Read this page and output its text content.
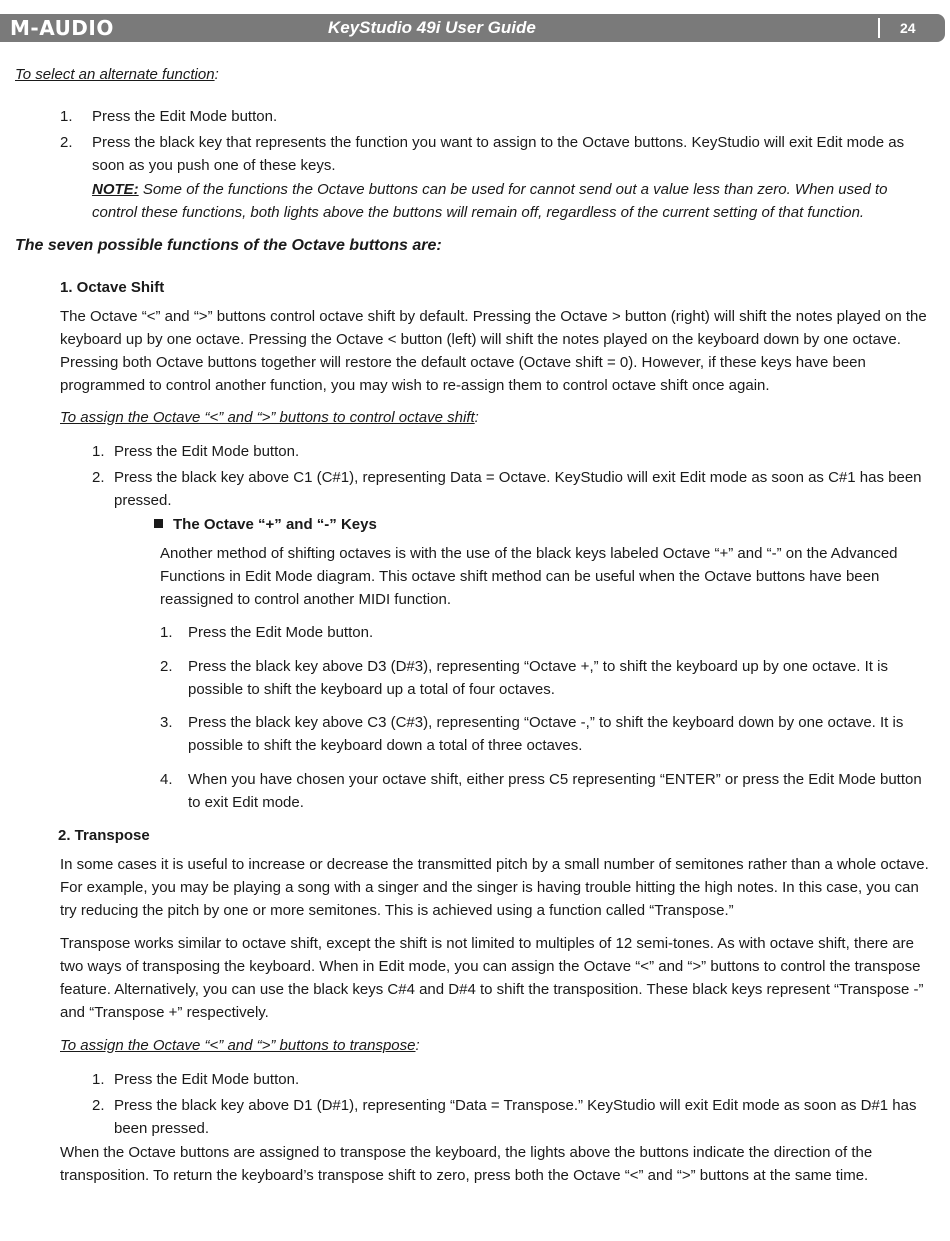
M-AUDIO	KeyStudio 49i User Guide	24
To select an alternate function:
1. Press the Edit Mode button.
2. Press the black key that represents the function you want to assign to the Octave buttons. KeyStudio will exit Edit mode as soon as you push one of these keys.
NOTE: Some of the functions the Octave buttons can be used for cannot send out a value less than zero. When used to control these functions, both lights above the buttons will remain off, regardless of the current setting of that function.
The seven possible functions of the Octave buttons are:
1. Octave Shift
The Octave “<” and “>” buttons control octave shift by default. Pressing the Octave > button (right) will shift the notes played on the keyboard up by one octave. Pressing the Octave < button (left) will shift the notes played on the keyboard down by one octave. Pressing both Octave buttons together will restore the default octave (Octave shift = 0). However, if these keys have been programmed to control another function, you may wish to re-assign them to control octave shift once again.
To assign the Octave “<” and “>” buttons to control octave shift:
1. Press the Edit Mode button.
2. Press the black key above C1 (C#1), representing Data = Octave. KeyStudio will exit Edit mode as soon as C#1 has been pressed.
The Octave “+” and “-” Keys
Another method of shifting octaves is with the use of the black keys labeled Octave “+” and “-” on the Advanced Functions in Edit Mode diagram. This octave shift method can be useful when the Octave buttons have been reassigned to control another MIDI function.
1. Press the Edit Mode button.
2. Press the black key above D3 (D#3), representing “Octave +,” to shift the keyboard up by one octave. It is possible to shift the keyboard up a total of four octaves.
3. Press the black key above C3 (C#3), representing “Octave -,” to shift the keyboard down by one octave. It is possible to shift the keyboard down a total of three octaves.
4. When you have chosen your octave shift, either press C5 representing “ENTER” or press the Edit Mode button to exit Edit mode.
2. Transpose
In some cases it is useful to increase or decrease the transmitted pitch by a small number of semitones rather than a whole octave. For example, you may be playing a song with a singer and the singer is having trouble hitting the high notes. In this case, you can try reducing the pitch by one or more semitones. This is achieved using a function called “Transpose.”
Transpose works similar to octave shift, except the shift is not limited to multiples of 12 semi-tones. As with octave shift, there are two ways of transposing the keyboard. When in Edit mode, you can assign the Octave “<” and “>” buttons to control the transpose feature. Alternatively, you can use the black keys C#4 and D#4 to shift the transposition. These black keys represent “Transpose -” and “Transpose +” respectively.
To assign the Octave “<” and “>” buttons to transpose:
1. Press the Edit Mode button.
2. Press the black key above D1 (D#1), representing “Data = Transpose.” KeyStudio will exit Edit mode as soon as D#1 has been pressed.
When the Octave buttons are assigned to transpose the keyboard, the lights above the buttons indicate the direction of the transposition. To return the keyboard’s transpose shift to zero, press both the Octave “<” and “>” buttons at the same time.
